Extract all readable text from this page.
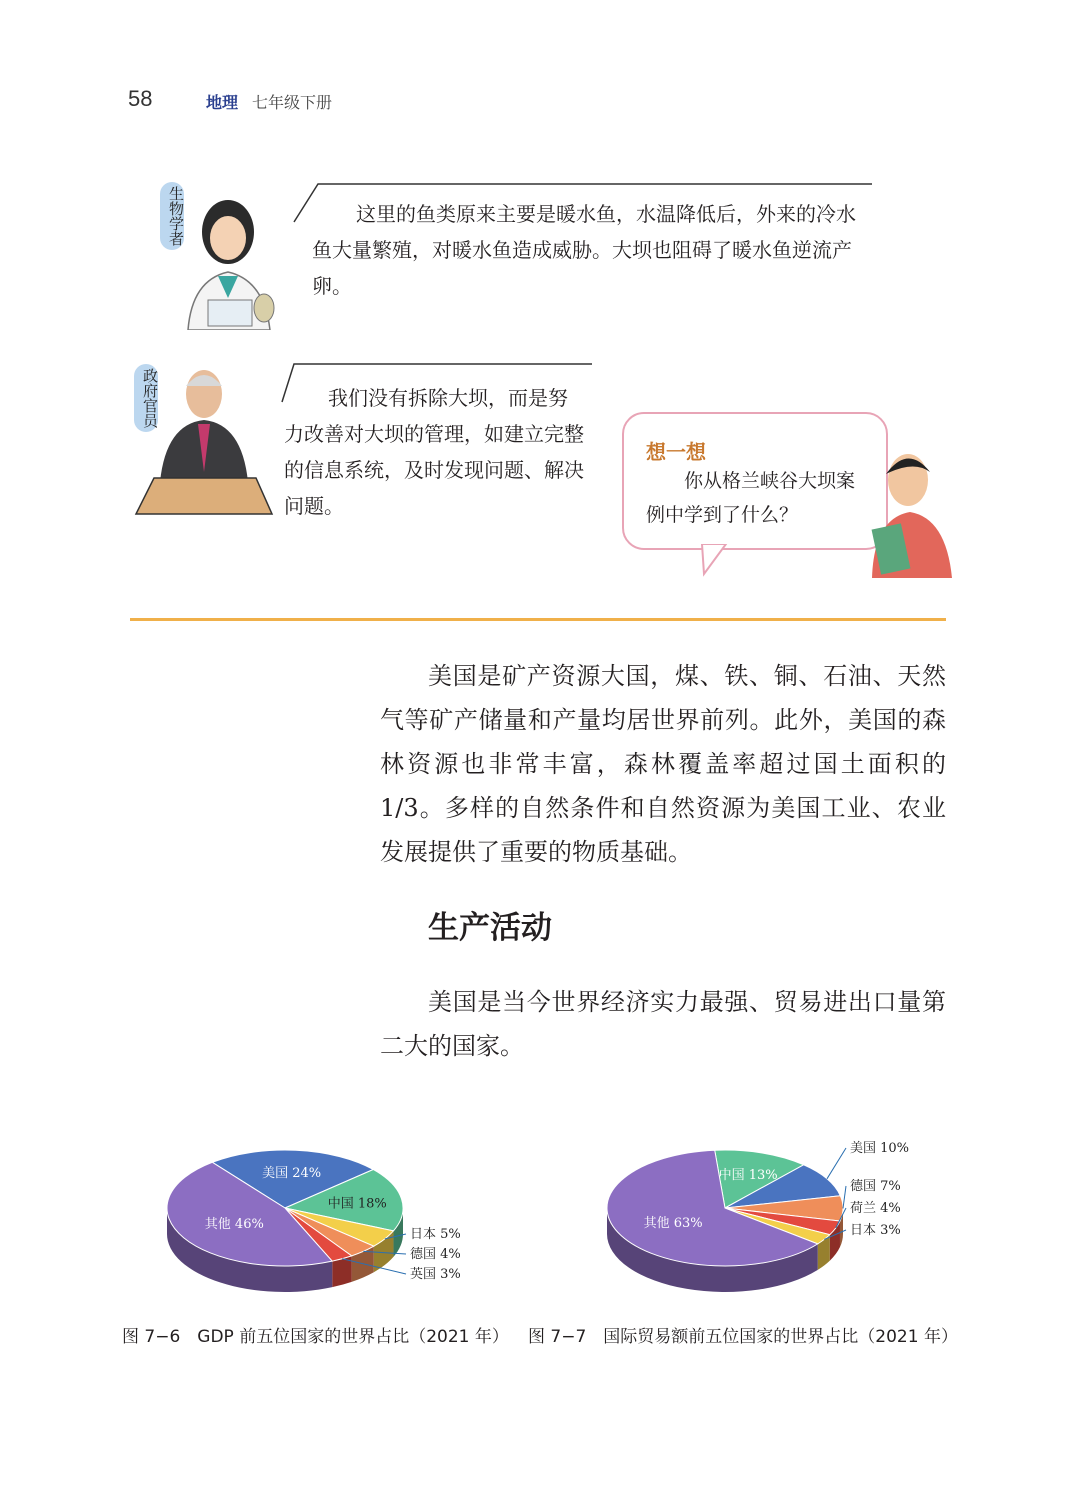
58	地理 七年级下册
生物学者	这里的鱼类原来主要是暖水鱼，水温降低后，外来的冷水鱼大量繁殖，对暖水鱼造成威胁。大坝也阻碍了暖水鱼逆流产卵。
政府官员	我们没有拆除大坝，而是努力改善对大坝的管理，如建立完整的信息系统，及时发现问题、解决问题。
想一想
你从格兰峡谷大坝案例中学到了什么？
美国是矿产资源大国，煤、铁、铜、石油、天然气等矿产储量和产量均居世界前列。此外，美国的森林资源也非常丰富，森林覆盖率超过国土面积的1/3。多样的自然条件和自然资源为美国工业、农业发展提供了重要的物质基础。
生产活动
美国是当今世界经济实力最强、贸易进出口量第二大的国家。
美国 24%
中国 18%
日本 5%
德国 4%
英国 3%
其他 46%
中国 13%
美国 10%
德国 7%
荷兰 4%
日本 3%
其他 63%
图 7−6　GDP 前五位国家的世界占比（2021 年） 图 7−7　国际贸易额前五位国家的世界占比（2021 年）
